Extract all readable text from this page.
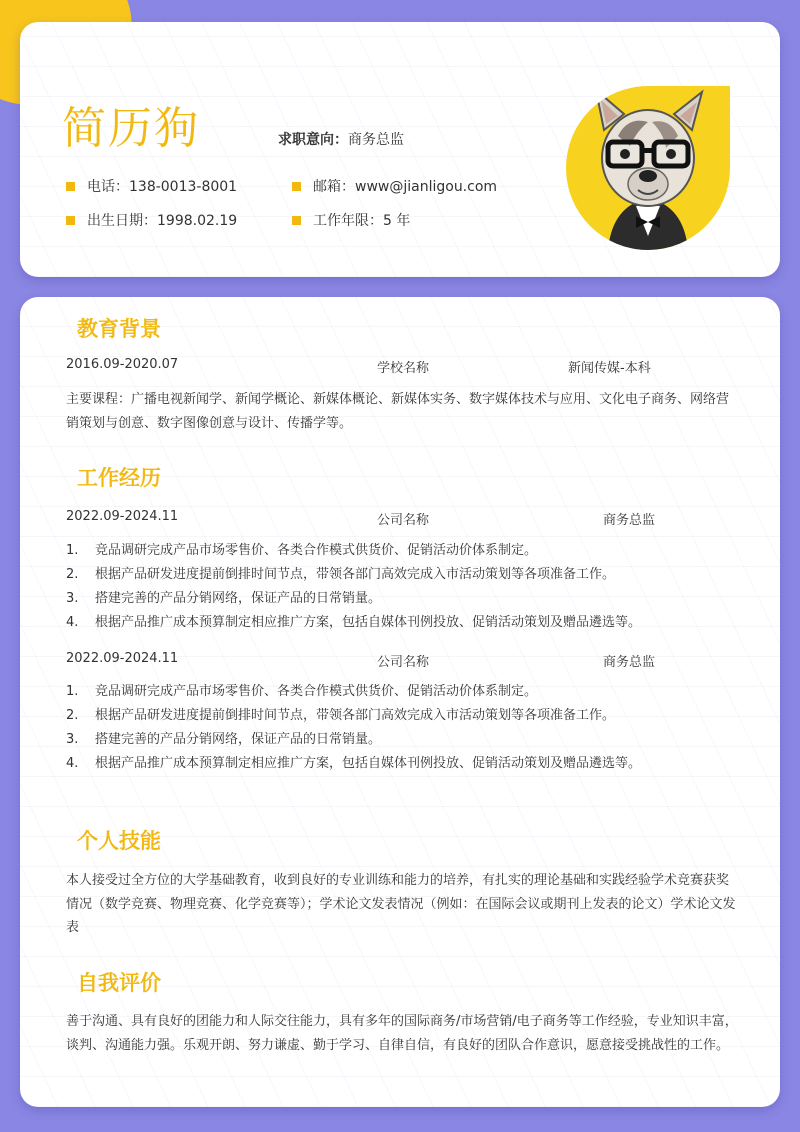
简历狗	求职意向：商务总监
电话：138-0013-8001	邮箱：www@jianligou.com
出生日期：1998.02.19	工作年限：5 年
教育背景
2016.09-2020.07	学校名称	新闻传媒-本科
主要课程：广播电视新闻学、新闻学概论、新媒体概论、新媒体实务、数字媒体技术与应用、文化电子商务、网络营销策划与创意、数字图像创意与设计、传播学等。
工作经历
2022.09-2024.11	公司名称	商务总监
1.	竞品调研完成产品市场零售价、各类合作模式供货价、促销活动价体系制定。
2.	根据产品研发进度提前倒排时间节点，带领各部门高效完成入市活动策划等各项准备工作。
3.	搭建完善的产品分销网络，保证产品的日常销量。
4.	根据产品推广成本预算制定相应推广方案，包括自媒体刊例投放、促销活动策划及赠品遴选等。
2022.09-2024.11	公司名称	商务总监
1.	竞品调研完成产品市场零售价、各类合作模式供货价、促销活动价体系制定。
2.	根据产品研发进度提前倒排时间节点，带领各部门高效完成入市活动策划等各项准备工作。
3.	搭建完善的产品分销网络，保证产品的日常销量。
4.	根据产品推广成本预算制定相应推广方案，包括自媒体刊例投放、促销活动策划及赠品遴选等。
个人技能
本人接受过全方位的大学基础教育，收到良好的专业训练和能力的培养，有扎实的理论基础和实践经验学术竞赛获奖情况（数学竞赛、物理竞赛、化学竞赛等）；学术论文发表情况（例如：在国际会议或期刊上发表的论文）学术论文发表
自我评价
善于沟通、具有良好的团能力和人际交往能力，具有多年的国际商务/市场营销/电子商务等工作经验，专业知识丰富，谈判、沟通能力强。乐观开朗、努力谦虚、勤于学习、自律自信，有良好的团队合作意识，愿意接受挑战性的工作。
